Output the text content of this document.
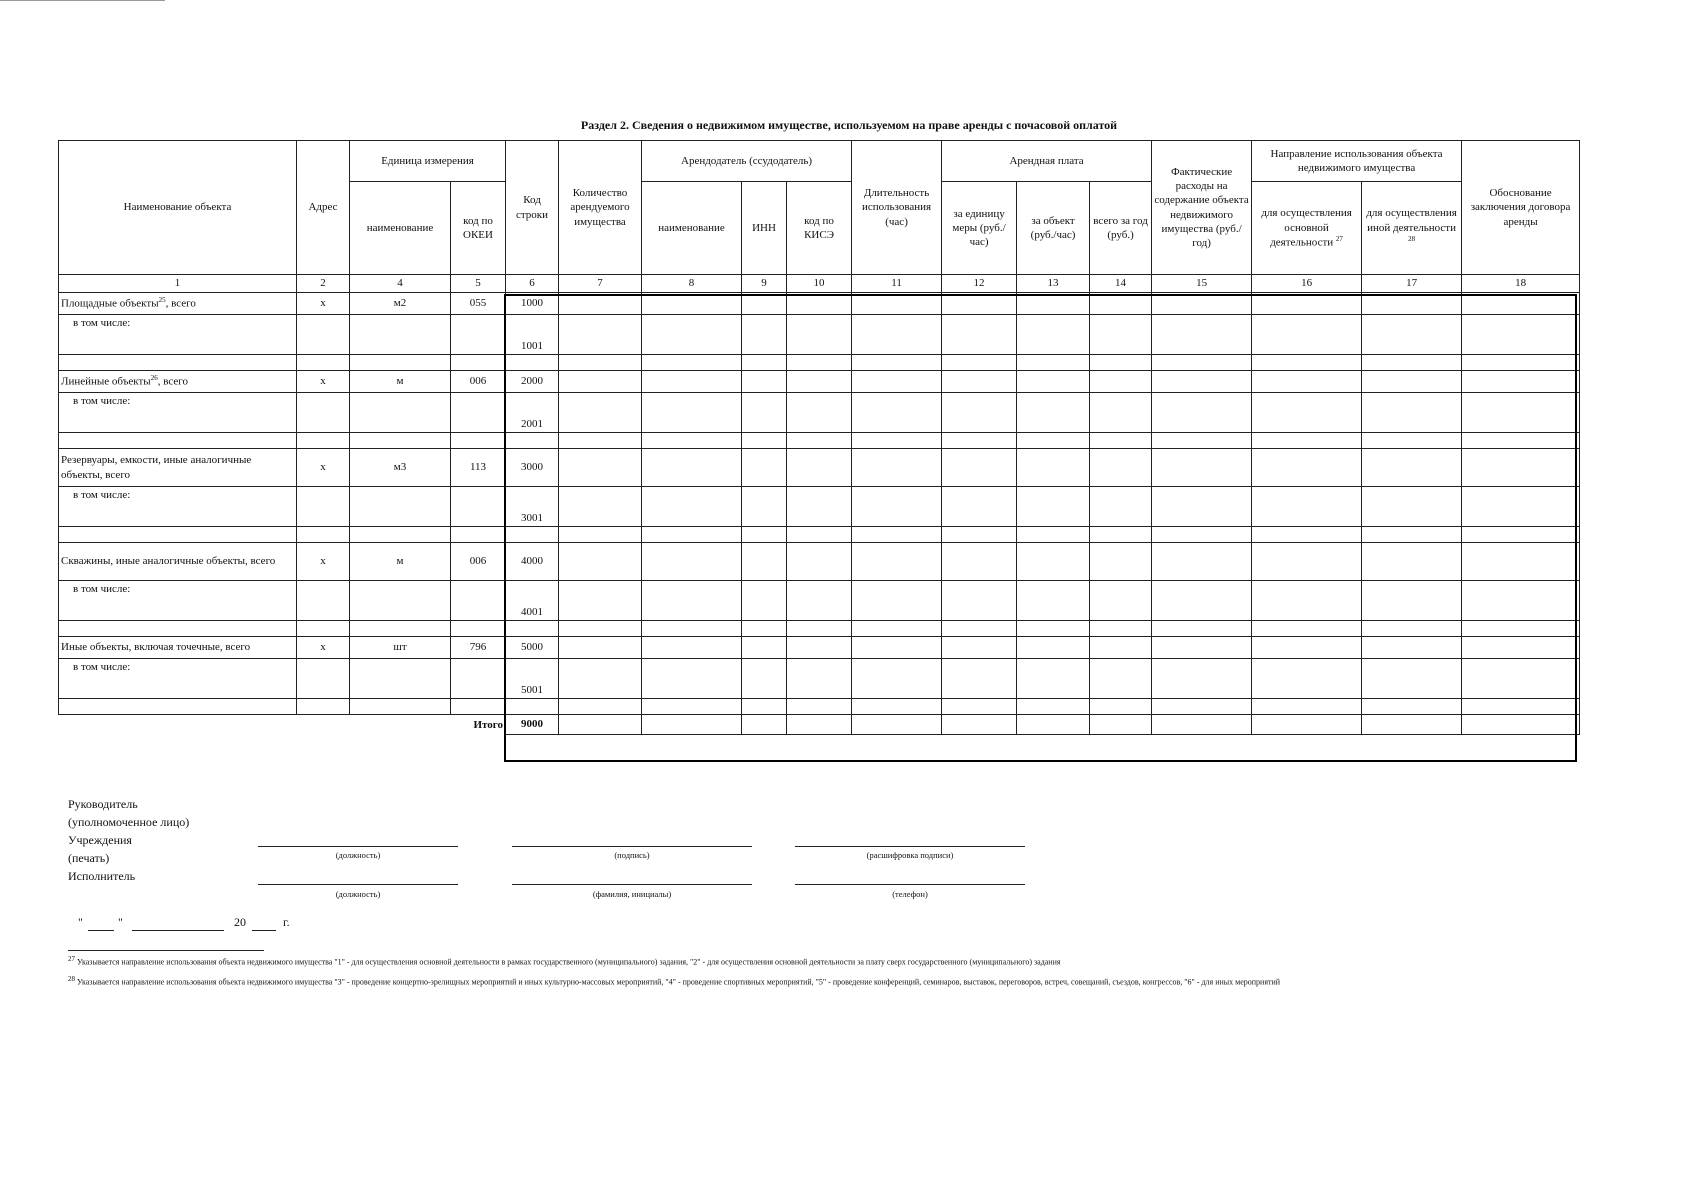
Раздел 2. Сведения о недвижимом имуществе, используемом на праве аренды с почасовой оплатой
Наименование объекта	Адрес	Единица измерения		Код строки	Количество арендуемого имущества	Арендодатель (ссудодатель)			Длительность использования (час)	Арендная плата			Фактические расходы на содержание объекта недвижимого имущества (руб./год)	Направление использования объекта недвижимого имущества		Обоснование заключения договора аренды
		наименование	код по ОКЕИ			наименование	ИНН	код по КИСЭ		за единицу меры (руб./час)	за объект (руб./час)	всего за год (руб.)		для осуществления основной деятельности $^{27}$	для осуществления иной деятельности $^{28}$
1	2	4	5	6	7	8	9	10	11	12	13	14	15	16	17	18
Площадные объекты$^{25}$, всего	х	м2	055	1000												
в том числе:				1001												

Линейные объекты$^{26}$, всего	х	м	006	2000												
в том числе:				2001												

Резервуары, емкости, иные аналогичные объекты, всего	х	м3	113	3000												
в том числе:				3001												

Скважины, иные аналогичные объекты, всего	х	м	006	4000												
в том числе:				4001												

Иные объекты, включая точечные, всего	х	шт	796	5000												
в том числе:				5001												

Итого				9000												
Руководитель
(уполномоченное лицо)
Учреждения
(печать)
Исполнитель
(должность)	(подпись)	(расшифровка подписи)
(должность)	(фамилия, инициалы)	(телефон)
"	"	20	г.
$^{27}$ Указывается направление использования объекта недвижимого имущества "1" - для осуществления основной деятельности в рамках государственного (муниципального) задания, "2" - для осуществления основной деятельности за плату сверх государственного (муниципального) задания
$^{28}$ Указывается направление использования объекта недвижимого имущества "3" - проведение концертно-зрелищных мероприятий и иных культурно-массовых мероприятий, "4" - проведение спортивных мероприятий, "5" - проведение конференций, семинаров, выставок, переговоров, встреч, совещаний, съездов, конгрессов, "6" - для иных мероприятий
